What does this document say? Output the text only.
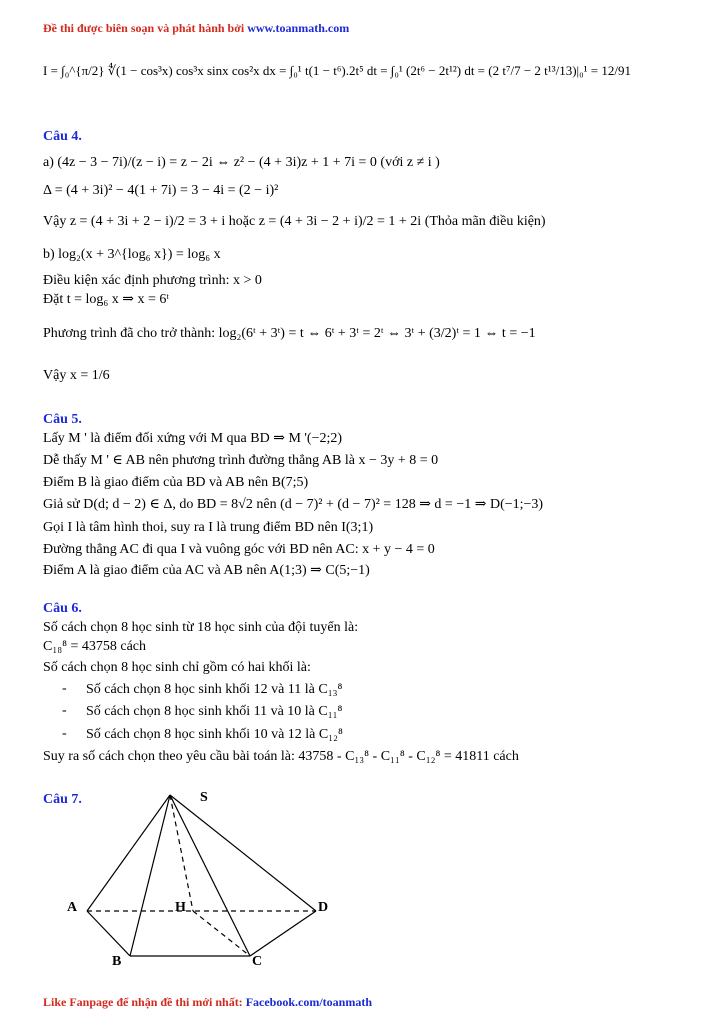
Đề thi được biên soạn và phát hành bởi www.toanmath.com
I = ∫₀^{π/2} ∜(1 − cos³x) cos³x sinx cos²x dx = ∫₀¹ t(1 − t⁶).2t⁵ dt = ∫₀¹ (2t⁶ − 2t¹²) dt = (2 t⁷/7 − 2 t¹³/13)|₀¹ = 12/91
Câu 4.
a) (4z − 3 − 7i)/(z − i) = z − 2i ⇔ z² − (4 + 3i)z + 1 + 7i = 0 (với z ≠ i )
Δ = (4 + 3i)² − 4(1 + 7i) = 3 − 4i = (2 − i)²
Vậy z = (4 + 3i + 2 − i)/2 = 3 + i hoặc z = (4 + 3i − 2 + i)/2 = 1 + 2i (Thỏa mãn điều kiện)
b) log₂(x + 3^{log₆ x}) = log₆ x
Điều kiện xác định phương trình: x > 0
Đặt t = log₆ x ⇒ x = 6ᵗ
Phương trình đã cho trở thành: log₂(6ᵗ + 3ᵗ) = t ⇔ 6ᵗ + 3ᵗ = 2ᵗ ⇔ 3ᵗ + (3/2)ᵗ = 1 ⇔ t = −1
Vậy x = 1/6
Câu 5.
Lấy M ' là điểm đối xứng với M qua BD ⇒ M '(−2;2)
Dễ thấy M ' ∈ AB nên phương trình đường thẳng AB là x − 3y + 8 = 0
Điểm B là giao điểm của BD và AB nên B(7;5)
Giả sử D(d; d − 2) ∈ Δ, do BD = 8√2 nên (d − 7)² + (d − 7)² = 128 ⇒ d = −1 ⇒ D(−1;−3)
Gọi I là tâm hình thoi, suy ra I là trung điểm BD nên I(3;1)
Đường thẳng AC đi qua I và vuông góc với BD nên AC: x + y − 4 = 0
Điểm A là giao điểm của AC và AB nên A(1;3) ⇒ C(5;−1)
Câu 6.
Số cách chọn 8 học sinh từ 18 học sinh của đội tuyển là:
C₁₈⁸ = 43758 cách
Số cách chọn 8 học sinh chỉ gồm có hai khối là:
- Số cách chọn 8 học sinh khối 12 và 11 là C₁₃⁸
- Số cách chọn 8 học sinh khối 11 và 10 là C₁₁⁸
- Số cách chọn 8 học sinh khối 10 và 12 là C₁₂⁸
Suy ra số cách chọn theo yêu cầu bài toán là: 43758 - C₁₃⁸ - C₁₁⁸ - C₁₂⁸ = 41811 cách
Câu 7.	S
A	H	D
B	C
Like Fanpage để nhận đề thi mới nhất: Facebook.com/toanmath
